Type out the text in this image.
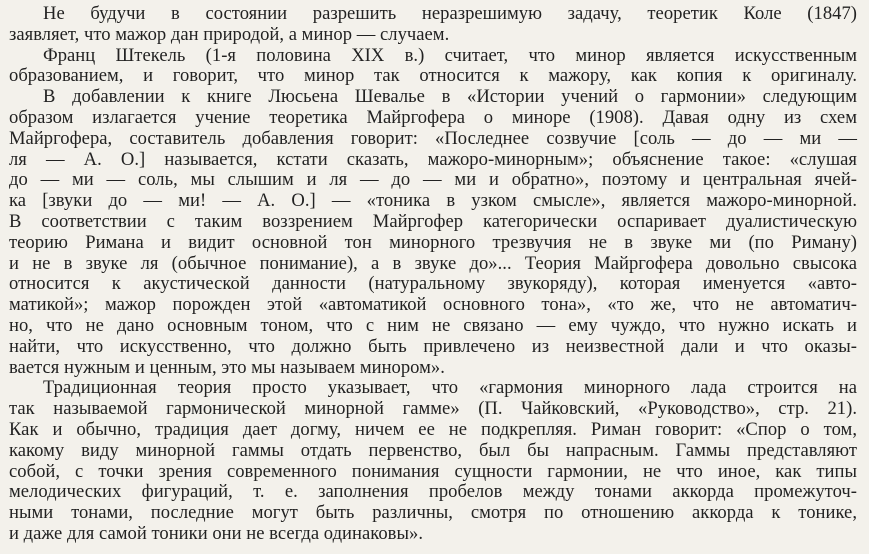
Не будучи в состоянии разрешить неразрешимую задачу, теоретик Коле (1847)
заявляет, что мажор дан природой, а минор — случаем.

Франц Штекель (1-я половина XIX в.) считает, что минор является искусственным
образованием, и говорит, что минор так относится к мажору, как копия к оригиналу.

В добавлении к книге Люсьена Шевалье в «Истории учений о гармонии» следующим
образом излагается учение теоретика Майргофера о миноре (1908). Давая одну из схем
Майргофера, составитель добавления говорит: «Последнее созвучие [соль — до — ми —
ля — А. О.] называется, кстати сказать, мажоро-минорным»; объяснение такое: «слушая
до — ми — соль, мы слышим и ля — до — ми и обратно», поэтому и центральная ячей-
ка [звуки до — ми! — А. О.] — «тоника в узком смысле», является мажоро-минорной.
В соответствии с таким воззрением Майргофер категорически оспаривает дуалистическую
теорию Римана и видит основной тон минорного трезвучия не в звуке ми (по Риману)
и не в звуке ля (обычное понимание), а в звуке до»... Теория Майргофера довольно свысока
относится к акустической данности (натуральному звукоряду), которая именуется «авто-
матикой»; мажор порожден этой «автоматикой основного тона», «то же, что не автоматич-
но, что не дано основным тоном, что с ним не связано — ему чуждо, что нужно искать и
найти, что искусственно, что должно быть привлечено из неизвестной дали и что оказы-
вается нужным и ценным, это мы называем минором».

Традиционная теория просто указывает, что «гармония минорного лада строится на
так называемой гармонической минорной гамме» (П. Чайковский, «Руководство», стр. 21).
Как и обычно, традиция дает догму, ничем ее не подкрепляя. Риман говорит: «Спор о том,
какому виду минорной гаммы отдать первенство, был бы напрасным. Гаммы представляют
собой, с точки зрения современного понимания сущности гармонии, не что иное, как типы
мелодических фигураций, т. е. заполнения пробелов между тонами аккорда промежуточ-
ными тонами, последние могут быть различны, смотря по отношению аккорда к тонике,
и даже для самой тоники они не всегда одинаковы».
